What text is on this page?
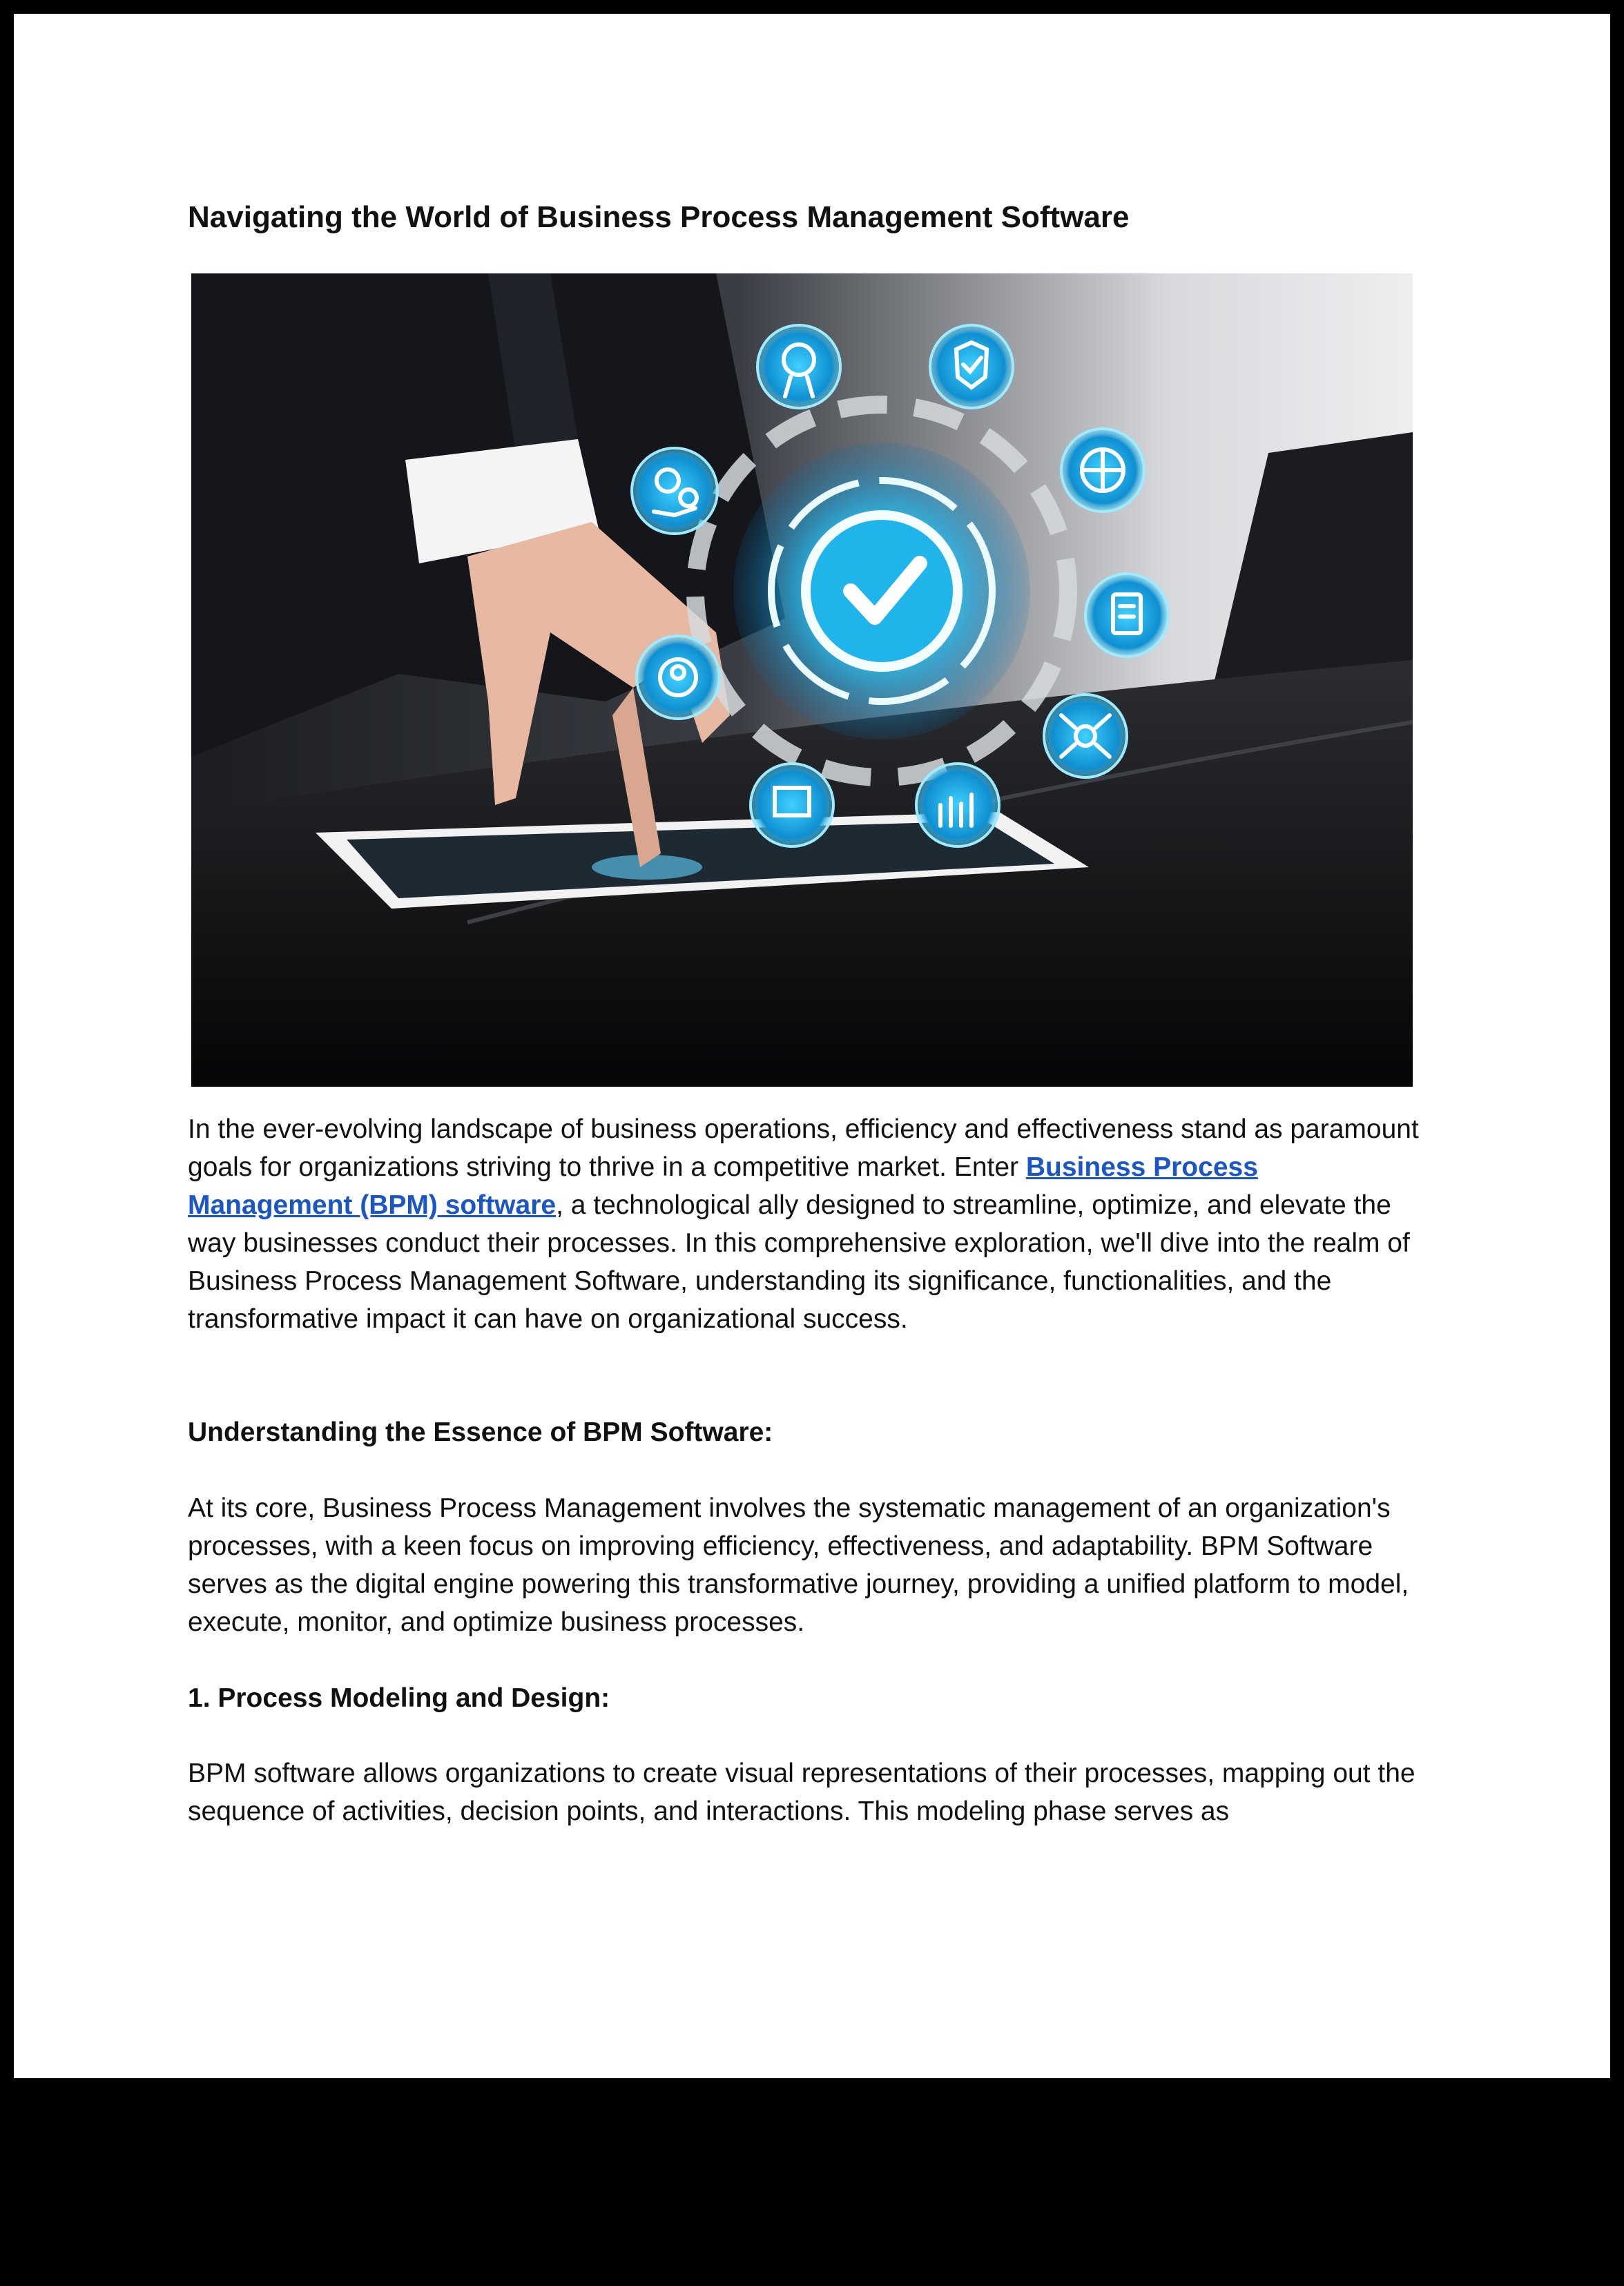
Navigating the World of Business Process Management Software

In the ever-evolving landscape of business operations, efficiency and effectiveness stand as paramount goals for organizations striving to thrive in a competitive market. Enter Business Process Management (BPM) software, a technological ally designed to streamline, optimize, and elevate the way businesses conduct their processes. In this comprehensive exploration, we'll dive into the realm of Business Process Management Software, understanding its significance, functionalities, and the transformative impact it can have on organizational success.

Understanding the Essence of BPM Software:

At its core, Business Process Management involves the systematic management of an organization's processes, with a keen focus on improving efficiency, effectiveness, and adaptability. BPM Software serves as the digital engine powering this transformative journey, providing a unified platform to model, execute, monitor, and optimize business processes.

1. Process Modeling and Design:

BPM software allows organizations to create visual representations of their processes, mapping out the sequence of activities, decision points, and interactions. This modeling phase serves as
